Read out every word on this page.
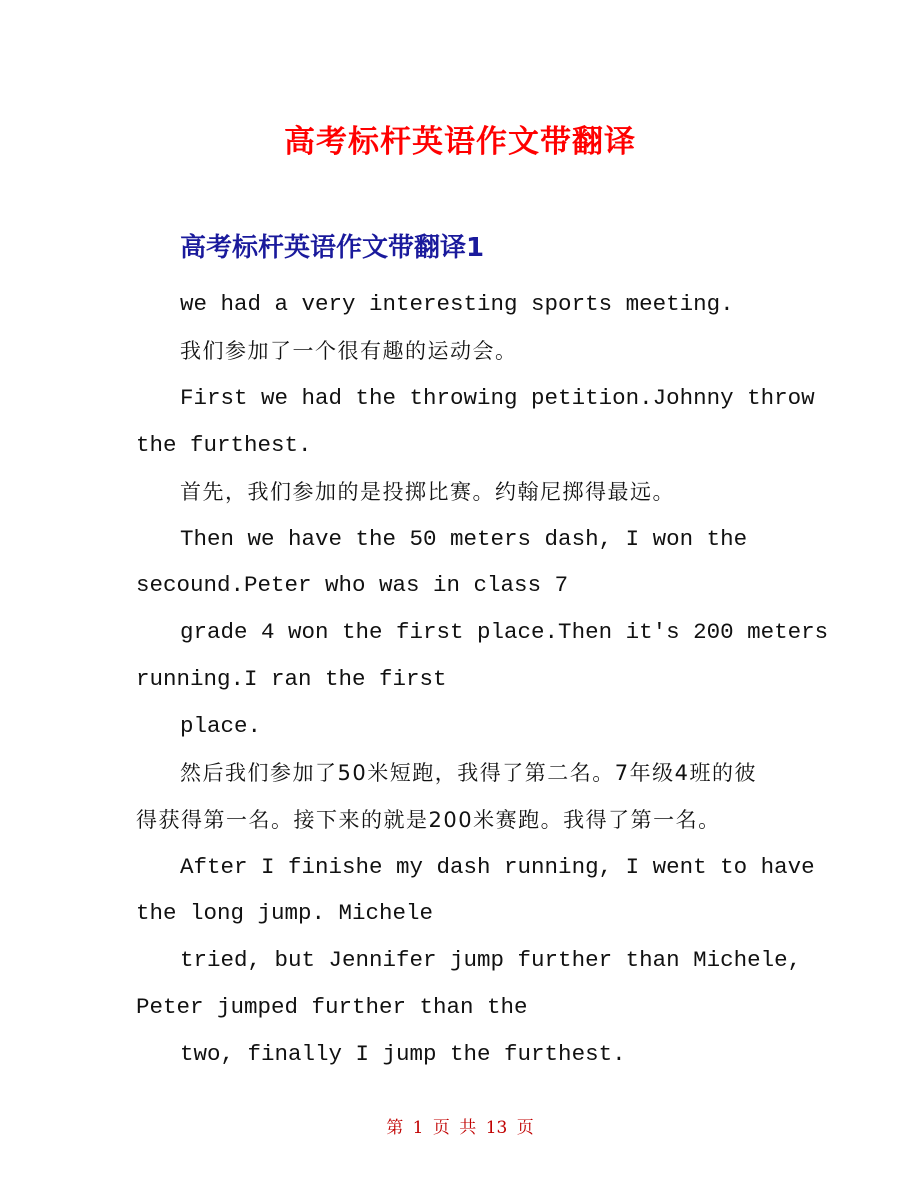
高考标杆英语作文带翻译
高考标杆英语作文带翻译1
we had a very interesting sports meeting.
我们参加了一个很有趣的运动会。
First we had the throwing petition.Johnny throw
the furthest.
首先，我们参加的是投掷比赛。约翰尼掷得最远。
Then we have the 50 meters dash, I won the
secound.Peter who was in class 7
grade 4 won the first place.Then it's 200 meters
running.I ran the first
place.
然后我们参加了50米短跑，我得了第二名。7年级4班的彼
得获得第一名。接下来的就是200米赛跑。我得了第一名。
After I finishe my dash running, I went to have
the long jump. Michele
tried, but Jennifer jump further than Michele,
Peter jumped further than the
two, finally I jump the furthest.
第 1 页 共 13 页
